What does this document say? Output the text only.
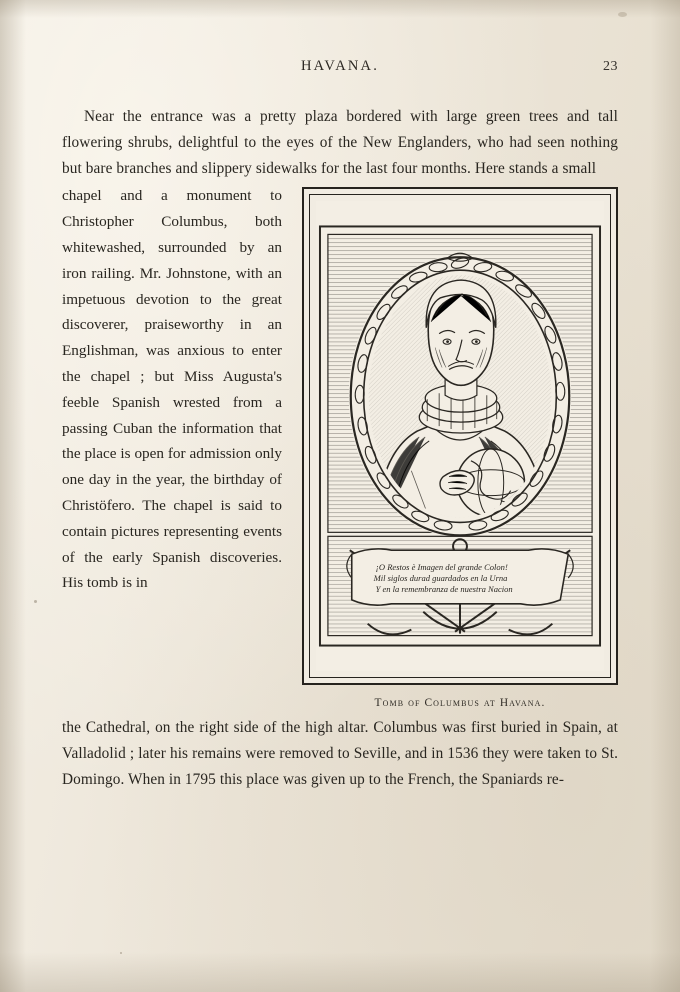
HAVANA.	23
Near the entrance was a pretty plaza bordered with large green trees and tall flowering shrubs, delightful to the eyes of the New Englanders, who had seen nothing but bare branches and slippery sidewalks for the last four months. Here stands a small
¡O Restos è Imagen del grande Colon!
Mil siglos durad guardados en la Urna
Y en la remembranza de nuestra Nacion
Tomb of Columbus at Havana.
chapel and a monument to Christopher Columbus, both whitewashed, surrounded by an iron railing. Mr. Johnstone, with an impetuous devotion to the great discoverer, praiseworthy in an Englishman, was anxious to enter the chapel ; but Miss Augusta's feeble Spanish wrested from a passing Cuban the information that the place is open for admission only one day in the year, the birthday of Christöfero. The chapel is said to contain pictures representing events of the early Spanish discoveries. His tomb is in
the Cathedral, on the right side of the high altar. Columbus was first buried in Spain, at Valladolid ; later his remains were removed to Seville, and in 1536 they were taken to St. Domingo. When in 1795 this place was given up to the French, the Spaniards re-
